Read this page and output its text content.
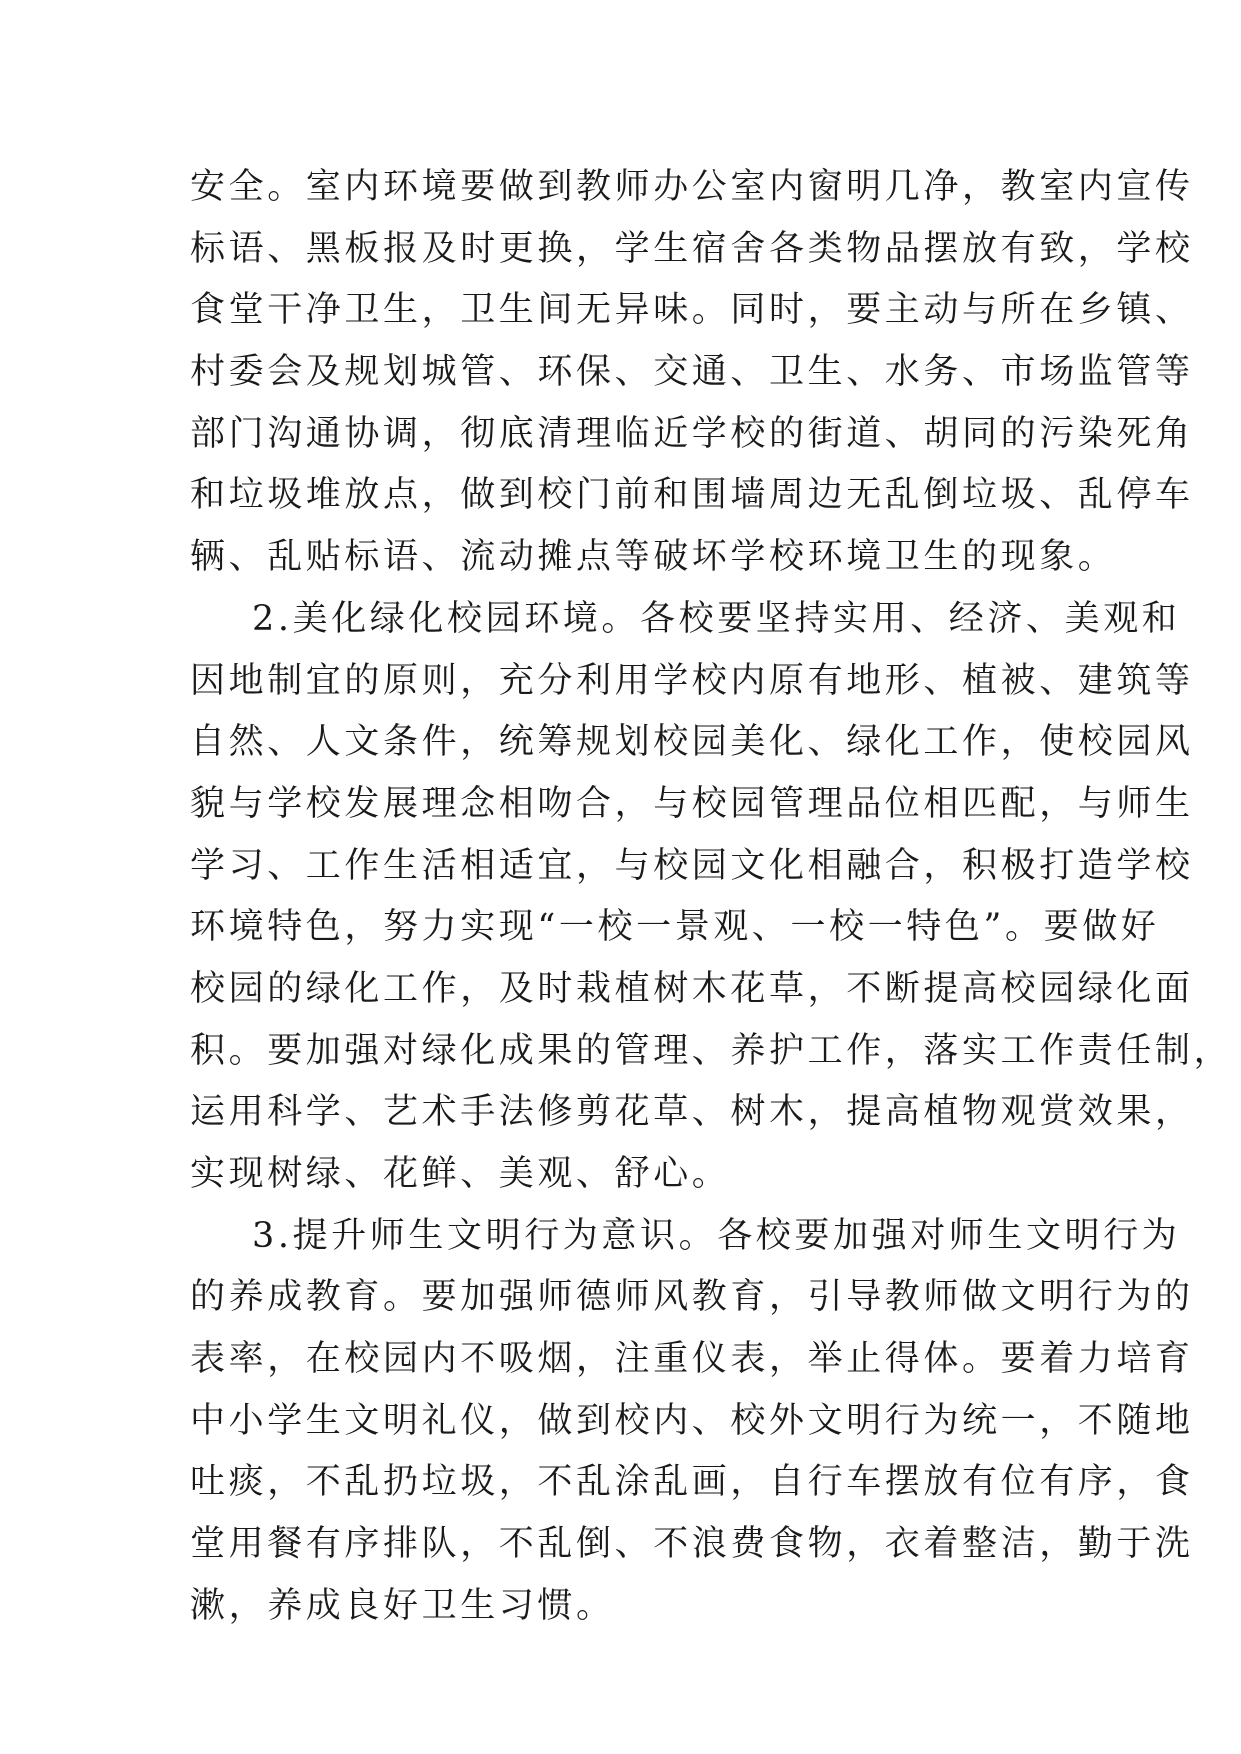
安全。室内环境要做到教师办公室内窗明几净，教室内宣传
标语、黑板报及时更换，学生宿舍各类物品摆放有致，学校
食堂干净卫生，卫生间无异味。同时，要主动与所在乡镇、
村委会及规划城管、环保、交通、卫生、水务、市场监管等
部门沟通协调，彻底清理临近学校的街道、胡同的污染死角
和垃圾堆放点，做到校门前和围墙周边无乱倒垃圾、乱停车
辆、乱贴标语、流动摊点等破坏学校环境卫生的现象。
2.美化绿化校园环境。各校要坚持实用、经济、美观和
因地制宜的原则，充分利用学校内原有地形、植被、建筑等
自然、人文条件，统筹规划校园美化、绿化工作，使校园风
貌与学校发展理念相吻合，与校园管理品位相匹配，与师生
学习、工作生活相适宜，与校园文化相融合，积极打造学校
环境特色，努力实现“一校一景观、一校一特色”。要做好
校园的绿化工作，及时栽植树木花草，不断提高校园绿化面
积。要加强对绿化成果的管理、养护工作，落实工作责任制，
运用科学、艺术手法修剪花草、树木，提高植物观赏效果，
实现树绿、花鲜、美观、舒心。
3.提升师生文明行为意识。各校要加强对师生文明行为
的养成教育。要加强师德师风教育，引导教师做文明行为的
表率，在校园内不吸烟，注重仪表，举止得体。要着力培育
中小学生文明礼仪，做到校内、校外文明行为统一，不随地
吐痰，不乱扔垃圾，不乱涂乱画，自行车摆放有位有序，食
堂用餐有序排队，不乱倒、不浪费食物，衣着整洁，勤于洗
漱，养成良好卫生习惯。
